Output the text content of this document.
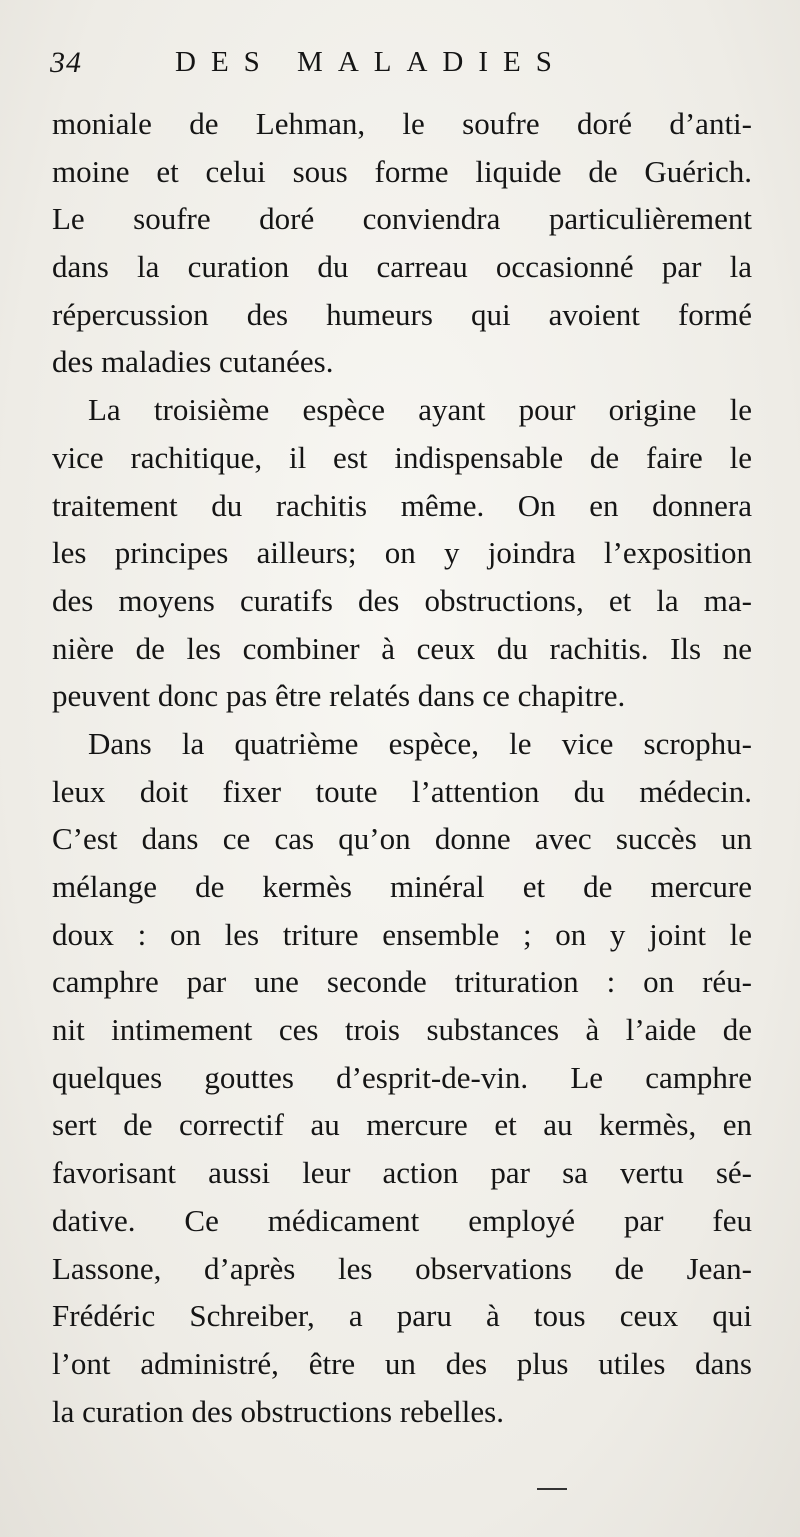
34	DES MALADIES
moniale de Lehman, le soufre doré d’anti-
moine et celui sous forme liquide de Guérich.
Le soufre doré conviendra particulièrement
dans la curation du carreau occasionné par la
répercussion des humeurs qui avoient formé
des maladies cutanées.
La troisième espèce ayant pour origine le
vice rachitique, il est indispensable de faire le
traitement du rachitis même. On en donnera
les principes ailleurs; on y joindra l’exposition
des moyens curatifs des obstructions, et la ma-
nière de les combiner à ceux du rachitis. Ils ne
peuvent donc pas être relatés dans ce chapitre.
Dans la quatrième espèce, le vice scrophu-
leux doit fixer toute l’attention du médecin.
C’est dans ce cas qu’on donne avec succès un
mélange de kermès minéral et de mercure
doux : on les triture ensemble ; on y joint le
camphre par une seconde trituration : on réu-
nit intimement ces trois substances à l’aide de
quelques gouttes d’esprit-de-vin. Le camphre
sert de correctif au mercure et au kermès, en
favorisant aussi leur action par sa vertu sé-
dative. Ce médicament employé par feu
Lassone, d’après les observations de Jean-
Frédéric Schreiber, a paru à tous ceux qui
l’ont administré, être un des plus utiles dans
la curation des obstructions rebelles.
